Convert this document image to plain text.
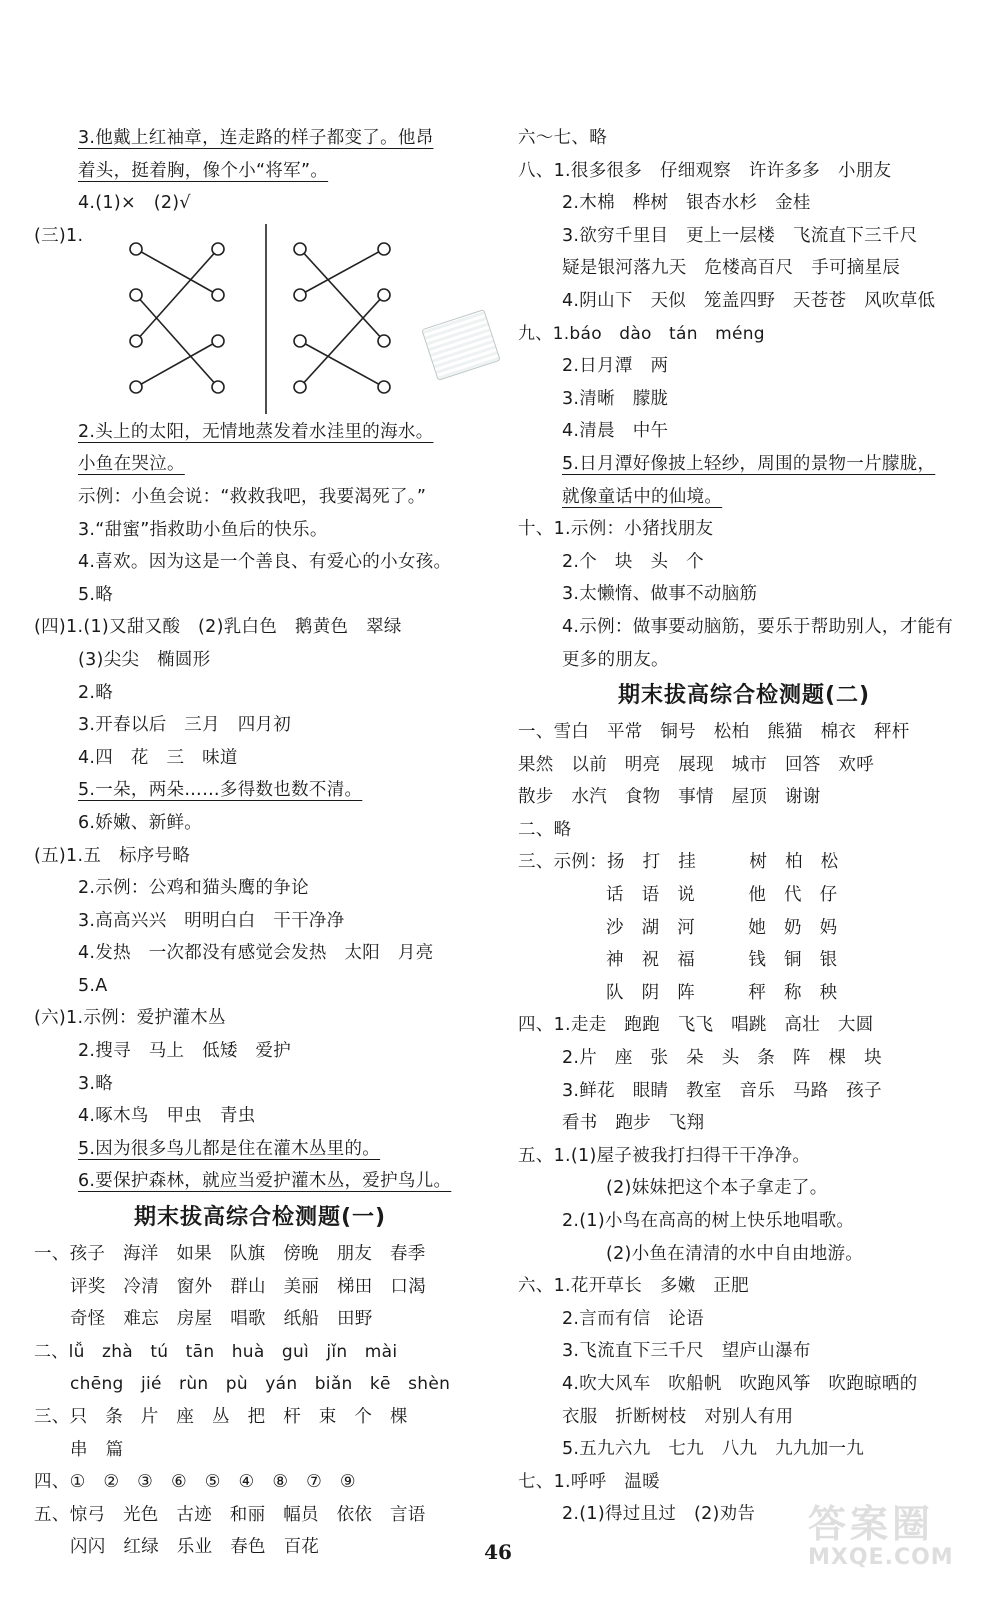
3.他戴上红袖章，连走路的样子都变了。他昂
着头，挺着胸，像个小“将军”。
4.(1)×　(2)√
(三)1.
2.头上的太阳，无情地蒸发着水洼里的海水。
小鱼在哭泣。
示例：小鱼会说：“救救我吧，我要渴死了。”
3.“甜蜜”指救助小鱼后的快乐。
4.喜欢。因为这是一个善良、有爱心的小女孩。
5.略
(四)1.(1)又甜又酸　(2)乳白色　鹅黄色　翠绿
(3)尖尖　椭圆形
2.略
3.开春以后　三月　四月初
4.四　花　三　味道
5.一朵，两朵……多得数也数不清。
6.娇嫩、新鲜。
(五)1.五　标序号略
2.示例：公鸡和猫头鹰的争论
3.高高兴兴　明明白白　干干净净
4.发热　一次都没有感觉会发热　太阳　月亮
5.A
(六)1.示例：爱护灌木丛
2.搜寻　马上　低矮　爱护
3.略
4.啄木鸟　甲虫　青虫
5.因为很多鸟儿都是住在灌木丛里的。
6.要保护森林，就应当爱护灌木丛，爱护鸟儿。
期末拔高综合检测题(一)
一、孩子　海洋　如果　队旗　傍晚　朋友　春季
评奖　冷清　窗外　群山　美丽　梯田　口渴
奇怪　难忘　房屋　唱歌　纸船　田野
二、lǚ　zhà　tú　tān　huà　guì　jǐn　mài
chēng　jié　rùn　pù　yán　biǎn　kē　shèn
三、只　条　片　座　丛　把　杆　束　个　棵
串　篇
四、①　②　③　⑥　⑤　④　⑧　⑦　⑨
五、惊弓　光色　古迹　和丽　幅员　依依　言语
闪闪　红绿　乐业　春色　百花
六～七、略
八、1.很多很多　仔细观察　许许多多　小朋友
2.木棉　桦树　银杏水杉　金桂
3.欲穷千里目　更上一层楼　飞流直下三千尺
疑是银河落九天　危楼高百尺　手可摘星辰
4.阴山下　天似　笼盖四野　天苍苍　风吹草低
九、1.báo　dào　tán　méng
2.日月潭　两
3.清晰　朦胧
4.清晨　中午
5.日月潭好像披上轻纱，周围的景物一片朦胧，
就像童话中的仙境。
十、1.示例：小猪找朋友
2.个　块　头　个
3.太懒惰、做事不动脑筋
4.示例：做事要动脑筋，要乐于帮助别人，才能有
更多的朋友。
期末拔高综合检测题(二)
一、雪白　平常　铜号　松柏　熊猫　棉衣　秤杆
果然　以前　明亮　展现　城市　回答　欢呼
散步　水汽　食物　事情　屋顶　谢谢
二、略
三、示例：扬　打　挂　　　树　柏　松
话　语　说　　　他　代　仔
沙　湖　河　　　她　奶　妈
神　祝　福　　　钱　铜　银
队　阴　阵　　　秤　称　秧
四、1.走走　跑跑　飞飞　唱跳　高壮　大圆
2.片　座　张　朵　头　条　阵　棵　块
3.鲜花　眼睛　教室　音乐　马路　孩子
看书　跑步　飞翔
五、1.(1)屋子被我打扫得干干净净。
(2)妹妹把这个本子拿走了。
2.(1)小鸟在高高的树上快乐地唱歌。
(2)小鱼在清清的水中自由地游。
六、1.花开草长　多嫩　正肥
2.言而有信　论语
3.飞流直下三千尺　望庐山瀑布
4.吹大风车　吹船帆　吹跑风筝　吹跑晾晒的
衣服　折断树枝　对别人有用
5.五九六九　七九　八九　九九加一九
七、1.呼呼　温暖
2.(1)得过且过　(2)劝告
46
答案圈
MXQE.COM
